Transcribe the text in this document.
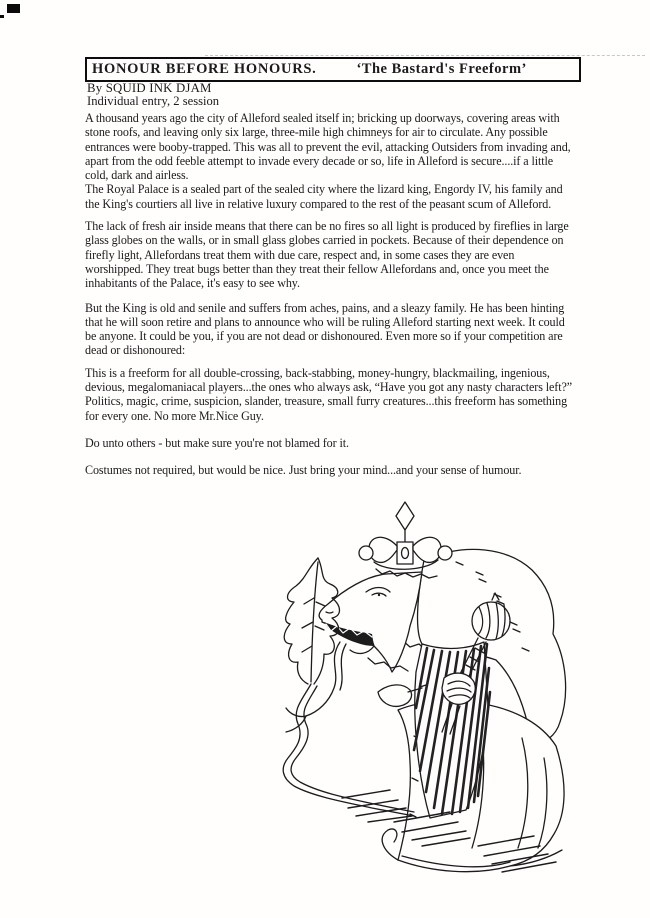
HONOUR BEFORE HONOURS.	‘The Bastard's Freeform’
By SQUID INK DJAM
Individual entry, 2 session

A thousand years ago the city of Alleford sealed itself in; bricking up doorways, covering areas with stone roofs, and leaving only six large, three-mile high chimneys for air to circulate. Any possible entrances were booby-trapped. This was all to prevent the evil, attacking Outsiders from invading and, apart from the odd feeble attempt to invade every decade or so, life in Alleford is secure....if a little cold, dark and airless.

The Royal Palace is a sealed part of the sealed city where the lizard king, Engordy IV, his family and the King's courtiers all live in relative luxury compared to the rest of the peasant scum of Alleford.

The lack of fresh air inside means that there can be no fires so all light is produced by fireflies in large glass globes on the walls, or in small glass globes carried in pockets. Because of their dependence on firefly light, Allefordans treat them with due care, respect and, in some cases they are even worshipped. They treat bugs better than they treat their fellow Allefordans and, once you meet the inhabitants of the Palace, it's easy to see why.

But the King is old and senile and suffers from aches, pains, and a sleazy family. He has been hinting that he will soon retire and plans to announce who will be ruling Alleford starting next week. It could be anyone. It could be you, if you are not dead or dishonoured. Even more so if your competition are dead or dishonoured:

This is a freeform for all double-crossing, back-stabbing, money-hungry, blackmailing, ingenious, devious, megalomaniacal players...the ones who always ask, “Have you got any nasty characters left?” Politics, magic, crime, suspicion, slander, treasure, small furry creatures...this freeform has something for every one. No more Mr.Nice Guy.

Do unto others - but make sure you're not blamed for it.

Costumes not required, but would be nice. Just bring your mind...and your sense of humour.
